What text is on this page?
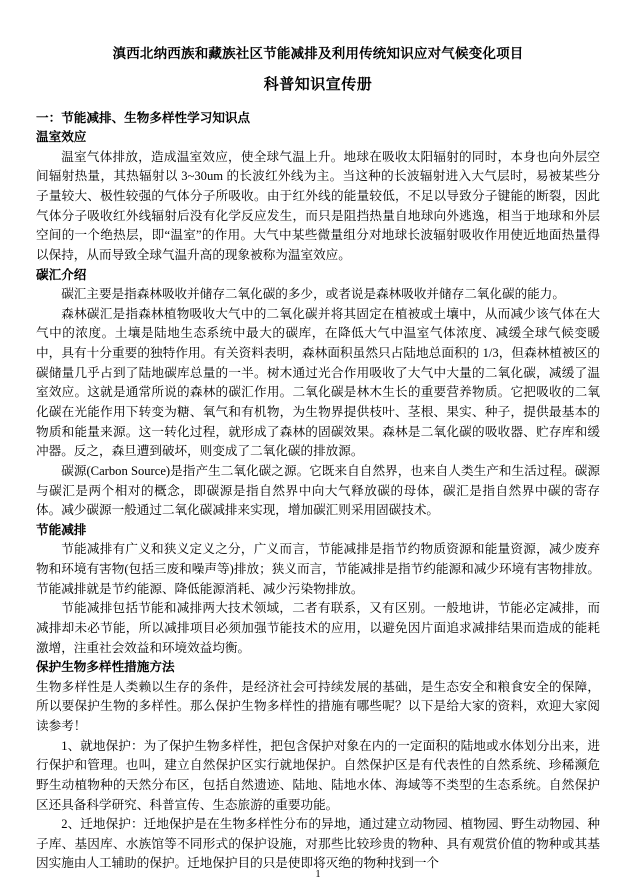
滇西北纳西族和藏族社区节能减排及利用传统知识应对气候变化项目
科普知识宣传册
一：节能减排、生物多样性学习知识点
温室效应

温室气体排放，造成温室效应，使全球气温上升。地球在吸收太阳辐射的同时，本身也向外层空间辐射热量，其热辐射以 3~30um 的长波红外线为主。当这种的长波辐射进入大气层时，易被某些分子量较大、极性较强的气体分子所吸收。由于红外线的能量较低，不足以导致分子键能的断裂，因此气体分子吸收红外线辐射后没有化学反应发生，而只是阻挡热量自地球向外逃逸，相当于地球和外层空间的一个绝热层，即“温室”的作用。大气中某些微量组分对地球长波辐射吸收作用使近地面热量得以保持，从而导致全球气温升高的现象被称为温室效应。

碳汇介绍

碳汇主要是指森林吸收并储存二氧化碳的多少，或者说是森林吸收并储存二氧化碳的能力。

森林碳汇是指森林植物吸收大气中的二氧化碳并将其固定在植被或土壤中，从而减少该气体在大气中的浓度。土壤是陆地生态系统中最大的碳库，在降低大气中温室气体浓度、减缓全球气候变暖中，具有十分重要的独特作用。有关资料表明，森林面积虽然只占陆地总面积的 1/3，但森林植被区的碳储量几乎占到了陆地碳库总量的一半。树木通过光合作用吸收了大气中大量的二氧化碳，减缓了温室效应。这就是通常所说的森林的碳汇作用。二氧化碳是林木生长的重要营养物质。它把吸收的二氧化碳在光能作用下转变为糖、氧气和有机物，为生物界提供枝叶、茎根、果实、种子，提供最基本的物质和能量来源。这一转化过程，就形成了森林的固碳效果。森林是二氧化碳的吸收器、贮存库和缓冲器。反之，森旦遭到破坏，则变成了二氧化碳的排放源。

碳源(Carbon Source)是指产生二氧化碳之源。它既来自自然界，也来自人类生产和生活过程。碳源与碳汇是两个相对的概念，即碳源是指自然界中向大气释放碳的母体，碳汇是指自然界中碳的寄存体。减少碳源一般通过二氧化碳减排来实现，增加碳汇则采用固碳技术。

节能减排

节能减排有广义和狭义定义之分，广义而言，节能减排是指节约物质资源和能量资源，减少废弃物和环境有害物(包括三废和噪声等)排放；狭义而言，节能减排是指节约能源和减少环境有害物排放。节能减排就是节约能源、降低能源消耗、减少污染物排放。

节能减排包括节能和减排两大技术领域，二者有联系，又有区别。一般地讲，节能必定减排，而减排却未必节能，所以减排项目必须加强节能技术的应用，以避免因片面追求减排结果而造成的能耗激增，注重社会效益和环境效益均衡。

保护生物多样性措施方法

生物多样性是人类赖以生存的条件，是经济社会可持续发展的基础，是生态安全和粮食安全的保障，所以要保护生物的多样性。那么保护生物多样性的措施有哪些呢？以下是给大家的资料，欢迎大家阅读参考！

1、就地保护：为了保护生物多样性，把包含保护对象在内的一定面积的陆地或水体划分出来，进行保护和管理。也叫，建立自然保护区实行就地保护。自然保护区是有代表性的自然系统、珍稀濒危野生动植物种的天然分布区，包括自然遗迹、陆地、陆地水体、海域等不类型的生态系统。自然保护区还具备科学研究、科普宣传、生态旅游的重要功能。

2、迁地保护：迁地保护是在生物多样性分布的异地，通过建立动物园、植物园、野生动物园、种子库、基因库、水族馆等不同形式的保护设施，对那些比较珍贵的物种、具有观赏价值的物种或其基因实施由人工辅助的保护。迁地保护目的只是使即将灭绝的物种找到一个

1
